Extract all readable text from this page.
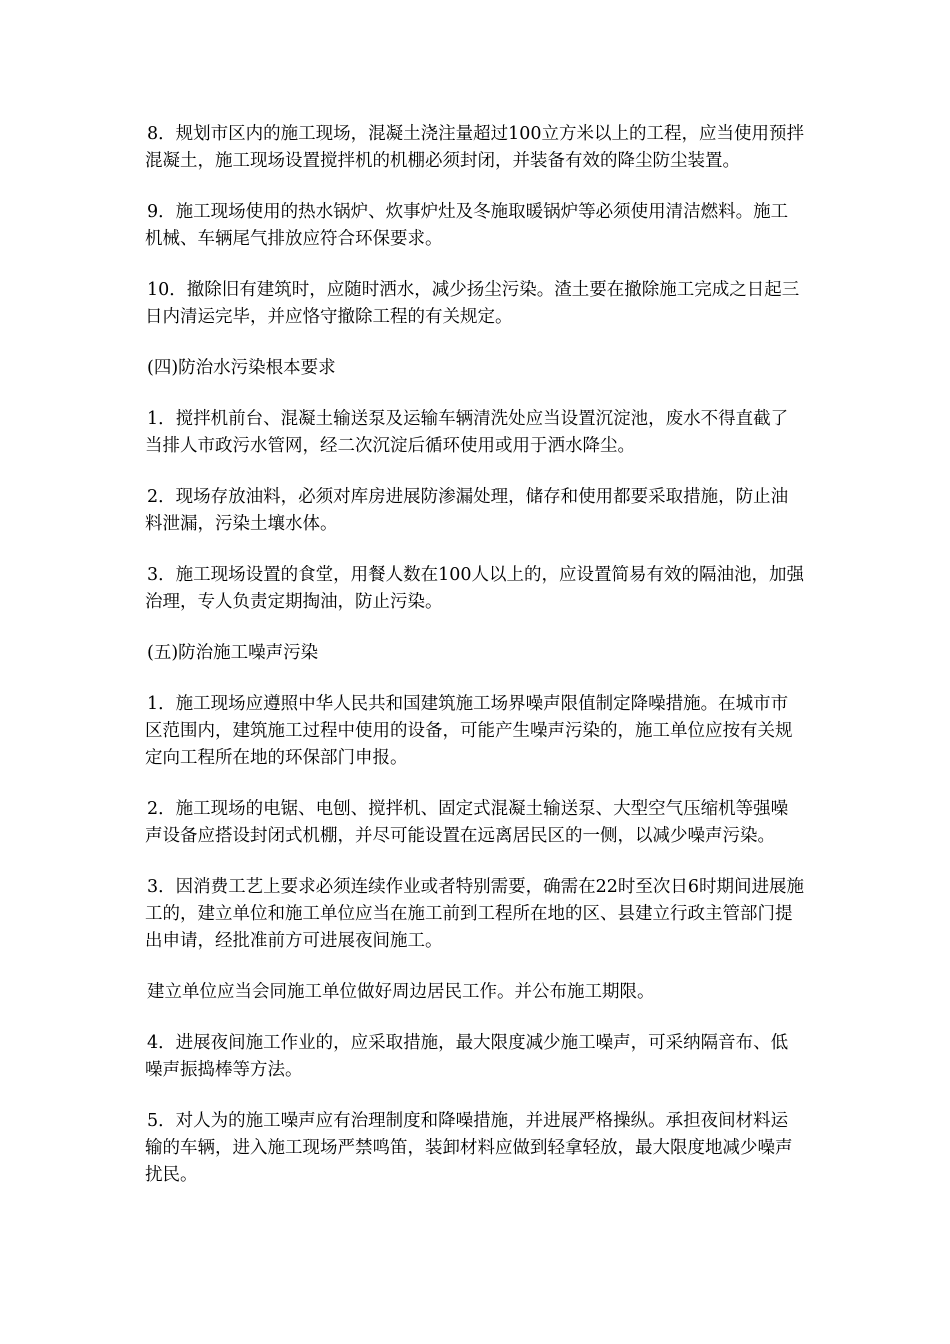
8．规划市区内的施工现场，混凝土浇注量超过100立方米以上的工程，应当使用预拌混凝土，施工现场设置搅拌机的机棚必须封闭，并装备有效的降尘防尘装置。

9．施工现场使用的热水锅炉、炊事炉灶及冬施取暖锅炉等必须使用清洁燃料。施工机械、车辆尾气排放应符合环保要求。

10．撤除旧有建筑时，应随时洒水，减少扬尘污染。渣土要在撤除施工完成之日起三日内清运完毕，并应恪守撤除工程的有关规定。

(四)防治水污染根本要求

1．搅拌机前台、混凝土输送泵及运输车辆清洗处应当设置沉淀池，废水不得直截了当排人市政污水管网，经二次沉淀后循环使用或用于洒水降尘。

2．现场存放油料，必须对库房进展防渗漏处理，储存和使用都要采取措施，防止油料泄漏，污染土壤水体。

3．施工现场设置的食堂，用餐人数在100人以上的，应设置简易有效的隔油池，加强治理，专人负责定期掏油，防止污染。

(五)防治施工噪声污染

1．施工现场应遵照中华人民共和国建筑施工场界噪声限值制定降噪措施。在城市市区范围内，建筑施工过程中使用的设备，可能产生噪声污染的，施工单位应按有关规定向工程所在地的环保部门申报。

2．施工现场的电锯、电刨、搅拌机、固定式混凝土输送泵、大型空气压缩机等强噪声设备应搭设封闭式机棚，并尽可能设置在远离居民区的一侧，以减少噪声污染。

3．因消费工艺上要求必须连续作业或者特别需要，确需在22时至次日6时期间进展施工的，建立单位和施工单位应当在施工前到工程所在地的区、县建立行政主管部门提出申请，经批准前方可进展夜间施工。

建立单位应当会同施工单位做好周边居民工作。并公布施工期限。

4．进展夜间施工作业的，应采取措施，最大限度减少施工噪声，可采纳隔音布、低噪声振捣棒等方法。

5．对人为的施工噪声应有治理制度和降噪措施，并进展严格操纵。承担夜间材料运输的车辆，进入施工现场严禁鸣笛，装卸材料应做到轻拿轻放，最大限度地减少噪声扰民。
